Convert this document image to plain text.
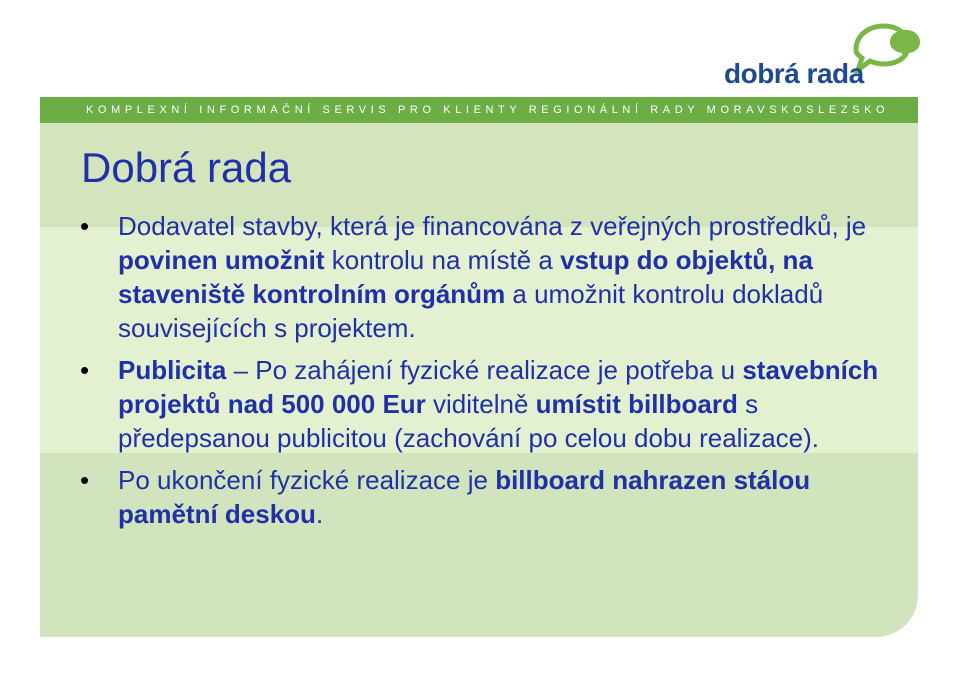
dobrá rada
KOMPLEXNÍ INFORMAČNÍ SERVIS PRO KLIENTY REGIONÁLNÍ RADY MORAVSKOSLEZSKO
Dobrá rada
• Dodavatel stavby, která je financována z veřejných prostředků, je povinen umožnit kontrolu na místě a vstup do objektů, na staveniště kontrolním orgánům a umožnit kontrolu dokladů souvisejících s projektem.
• Publicita – Po zahájení fyzické realizace je potřeba u stavebních projektů nad 500 000 Eur viditelně umístit billboard s předepsanou publicitou (zachování po celou dobu realizace).
• Po ukončení fyzické realizace je billboard nahrazen stálou pamětní deskou.
